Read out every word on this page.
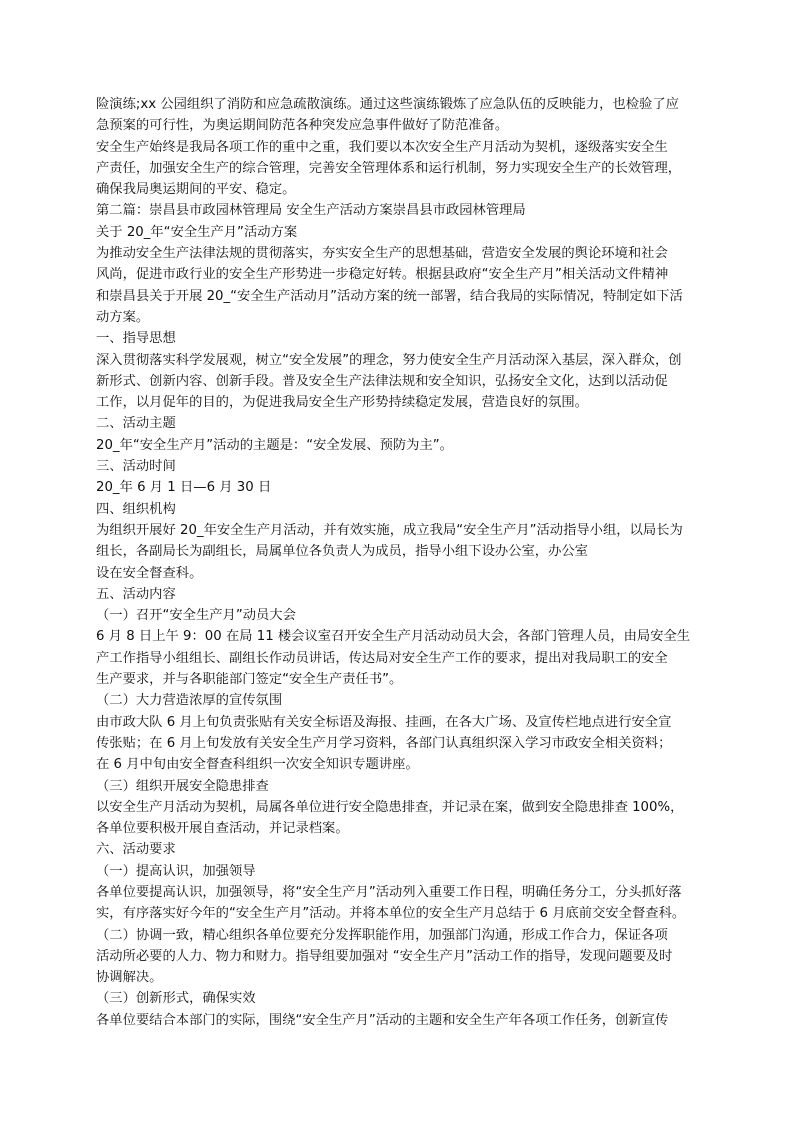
险演练;xx 公园组织了消防和应急疏散演练。通过这些演练锻炼了应急队伍的反映能力，也检验了应
急预案的可行性，为奥运期间防范各种突发应急事件做好了防范准备。
安全生产始终是我局各项工作的重中之重，我们要以本次安全生产月活动为契机，逐级落实安全生
产责任，加强安全生产的综合管理，完善安全管理体系和运行机制，努力实现安全生产的长效管理，
确保我局奥运期间的平安、稳定。
第二篇：崇昌县市政园林管理局 安全生产活动方案崇昌县市政园林管理局
关于 20_年“安全生产月”活动方案
为推动安全生产法律法规的贯彻落实，夯实安全生产的思想基础，营造安全发展的舆论环境和社会
风尚，促进市政行业的安全生产形势进一步稳定好转。根据县政府“安全生产月”相关活动文件精神
和崇昌县关于开展 20_“安全生产活动月”活动方案的统一部署，结合我局的实际情况，特制定如下活
动方案。
一、指导思想
深入贯彻落实科学发展观，树立“安全发展”的理念，努力使安全生产月活动深入基层，深入群众，创
新形式、创新内容、创新手段。普及安全生产法律法规和安全知识，弘扬安全文化，达到以活动促
工作，以月促年的目的，为促进我局安全生产形势持续稳定发展，营造良好的氛围。
二、活动主题
20_年“安全生产月”活动的主题是：“安全发展、预防为主”。
三、活动时间
20_年 6 月 1 日—6 月 30 日
四、组织机构
为组织开展好 20_年安全生产月活动，并有效实施，成立我局“安全生产月”活动指导小组，以局长为
组长，各副局长为副组长，局属单位各负责人为成员，指导小组下设办公室，办公室
设在安全督查科。
五、活动内容
（一）召开“安全生产月”动员大会
6 月 8 日上午 9：00 在局 11 楼会议室召开安全生产月活动动员大会，各部门管理人员，由局安全生
产工作指导小组组长、副组长作动员讲话，传达局对安全生产工作的要求，提出对我局职工的安全
生产要求，并与各职能部门签定“安全生产责任书”。
（二）大力营造浓厚的宣传氛围
由市政大队 6 月上旬负责张贴有关安全标语及海报、挂画，在各大广场、及宣传栏地点进行安全宣
传张贴；在 6 月上旬发放有关安全生产月学习资料，各部门认真组织深入学习市政安全相关资料；
在 6 月中旬由安全督查科组织一次安全知识专题讲座。
（三）组织开展安全隐患排查
以安全生产月活动为契机，局属各单位进行安全隐患排查，并记录在案，做到安全隐患排查 100%，
各单位要积极开展自查活动，并记录档案。
六、活动要求
（一）提高认识，加强领导
各单位要提高认识，加强领导，将“安全生产月”活动列入重要工作日程，明确任务分工，分头抓好落
实，有序落实好今年的“安全生产月”活动。并将本单位的安全生产月总结于 6 月底前交安全督查科。
（二）协调一致，精心组织各单位要充分发挥职能作用，加强部门沟通，形成工作合力，保证各项
活动所必要的人力、物力和财力。指导组要加强对 “安全生产月”活动工作的指导，发现问题要及时
协调解决。
（三）创新形式，确保实效
各单位要结合本部门的实际，围绕“安全生产月”活动的主题和安全生产年各项工作任务，创新宣传
